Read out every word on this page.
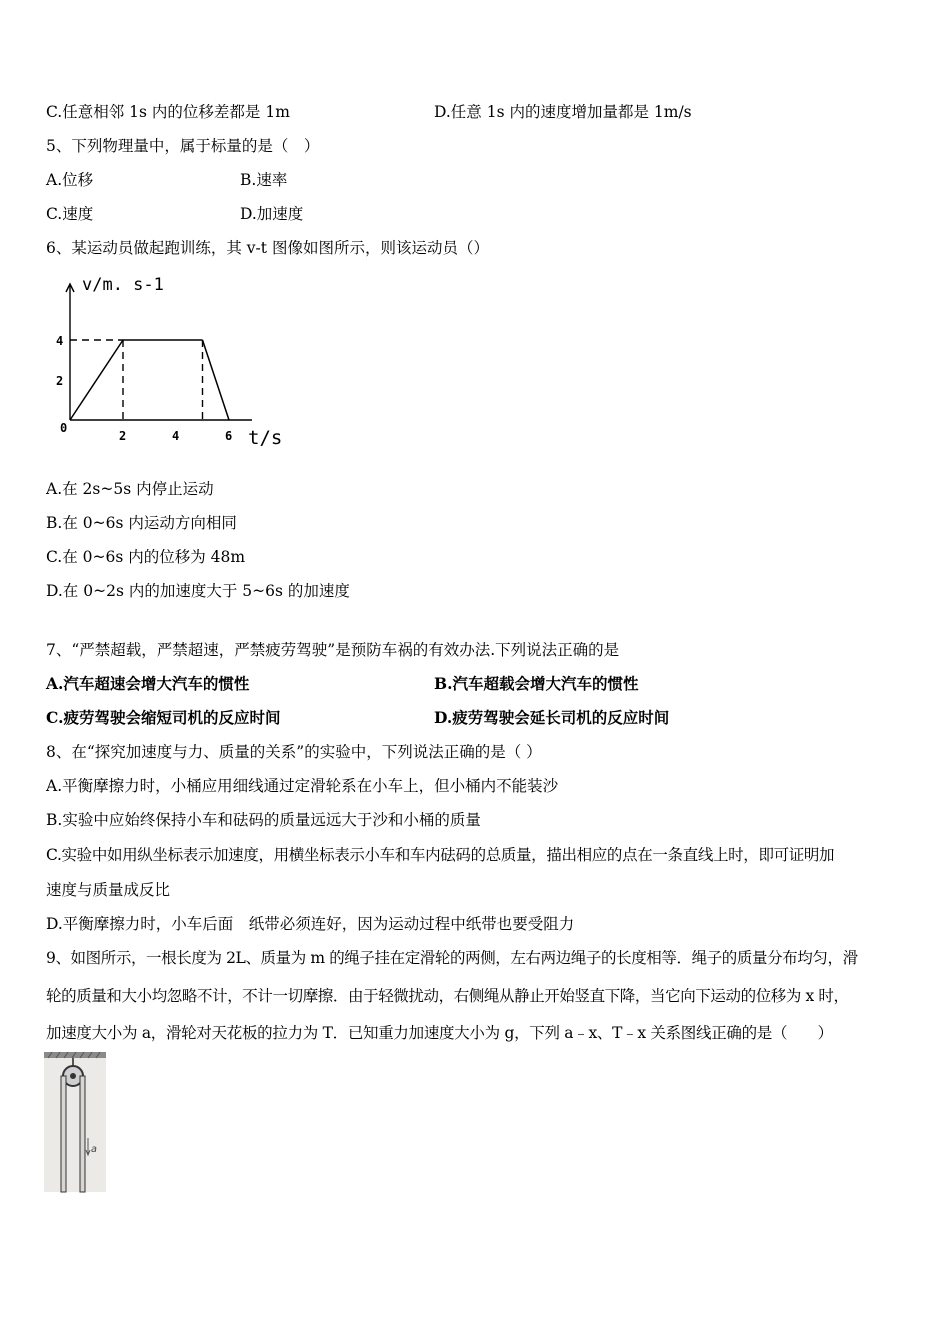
C.任意相邻 1s 内的位移差都是 1m	D.任意 1s 内的速度增加量都是 1m/s
5、下列物理量中，属于标量的是（　）
A.位移	B.速率
C.速度	D.加速度
6、某运动员做起跑训练，其 v-t 图像如图所示，则该运动员（）
2	4	6
2
4
v/m. s-1
t/s
0
A.在 2s~5s 内停止运动
B.在 0~6s 内运动方向相同
C.在 0~6s 内的位移为 48m
D.在 0~2s 内的加速度大于 5~6s 的加速度
7、“严禁超载，严禁超速，严禁疲劳驾驶”是预防车祸的有效办法.下列说法正确的是
A.汽车超速会增大汽车的惯性	B.汽车超载会增大汽车的惯性
C.疲劳驾驶会缩短司机的反应时间	D.疲劳驾驶会延长司机的反应时间
8、在“探究加速度与力、质量的关系”的实验中，下列说法正确的是（ ）
A.平衡摩擦力时，小桶应用细线通过定滑轮系在小车上，但小桶内不能装沙
B.实验中应始终保持小车和砝码的质量远远大于沙和小桶的质量
C.实验中如用纵坐标表示加速度，用横坐标表示小车和车内砝码的总质量，描出相应的点在一条直线上时，即可证明加
速度与质量成反比
D.平衡摩擦力时，小车后面　纸带必须连好，因为运动过程中纸带也要受阻力
9、如图所示，一根长度为 2L、质量为 m 的绳子挂在定滑轮的两侧，左右两边绳子的长度相等．绳子的质量分布均匀，滑
轮的质量和大小均忽略不计，不计一切摩擦．由于轻微扰动，右侧绳从静止开始竖直下降，当它向下运动的位移为 x 时，
加速度大小为 a，滑轮对天花板的拉力为 T．已知重力加速度大小为 g，下列 a﹣x、T﹣x 关系图线正确的是（　　）
a
